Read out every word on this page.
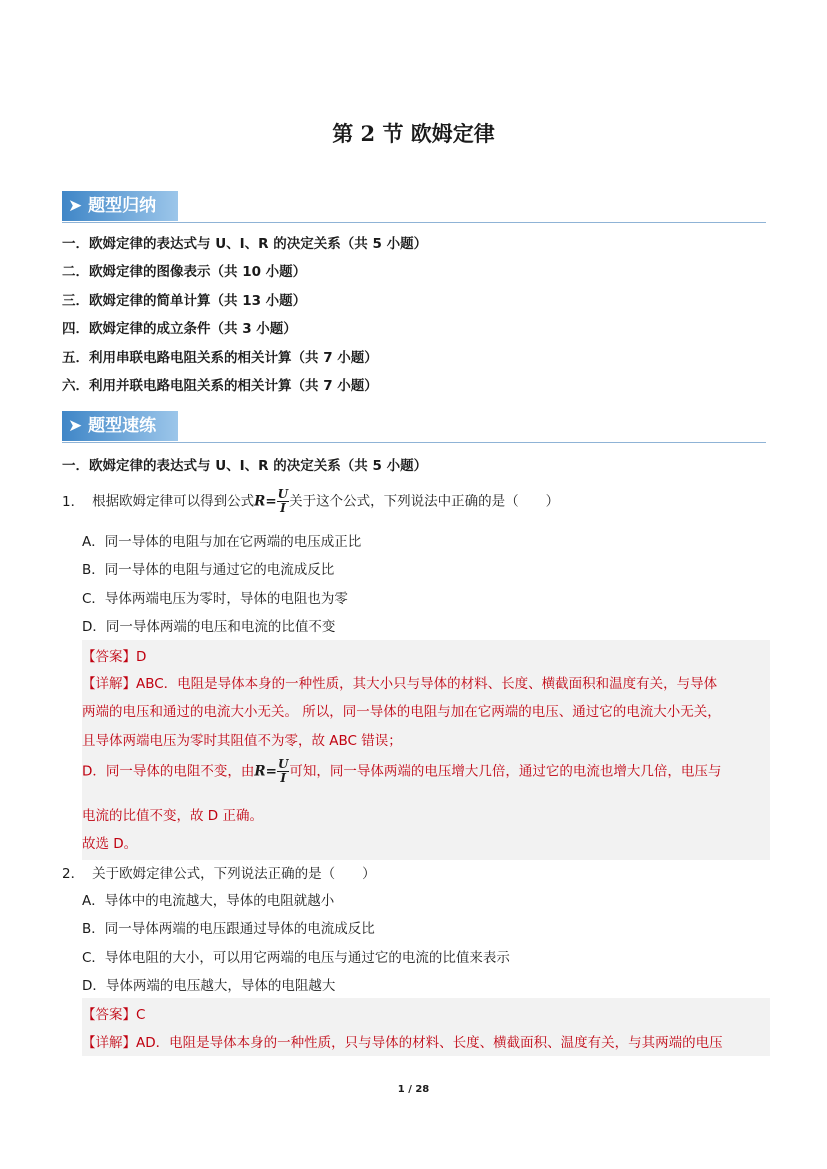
第 2 节 欧姆定律
➤ 题型归纳
一．欧姆定律的表达式与 U、I、R 的决定关系（共 5 小题）
二．欧姆定律的图像表示（共 10 小题）
三．欧姆定律的简单计算（共 13 小题）
四．欧姆定律的成立条件（共 3 小题）
五．利用串联电路电阻关系的相关计算（共 7 小题）
六．利用并联电路电阻关系的相关计算（共 7 小题）
➤ 题型速练
一．欧姆定律的表达式与 U、I、R 的决定关系（共 5 小题）
1． 根据欧姆定律可以得到公式$R= \frac{U}{I}$ 关于这个公式，下列说法中正确的是（　　）
A．同一导体的电阻与加在它两端的电压成正比
B．同一导体的电阻与通过它的电流成反比
C．导体两端电压为零时，导体的电阻也为零
D．同一导体两端的电压和电流的比值不变
【答案】D
【详解】ABC．电阻是导体本身的一种性质，其大小只与导体的材料、长度、横截面积和温度有关，与导体
两端的电压和通过的电流大小无关。 所以，同一导体的电阻与加在它两端的电压、通过它的电流大小无关，
且导体两端电压为零时其阻值不为零，故 ABC 错误；
D．同一导体的电阻不变，由$R= \frac{U}{I}$ 可知，同一导体两端的电压增大几倍，通过它的电流也增大几倍，电压与
电流的比值不变，故 D 正确。
故选 D。
2． 关于欧姆定律公式，下列说法正确的是（　　）
A．导体中的电流越大，导体的电阻就越小
B．同一导体两端的电压跟通过导体的电流成反比
C．导体电阻的大小，可以用它两端的电压与通过它的电流的比值来表示
D．导体两端的电压越大，导体的电阻越大
【答案】C
【详解】AD．电阻是导体本身的一种性质，只与导体的材料、长度、横截面积、温度有关，与其两端的电压
1 / 28
